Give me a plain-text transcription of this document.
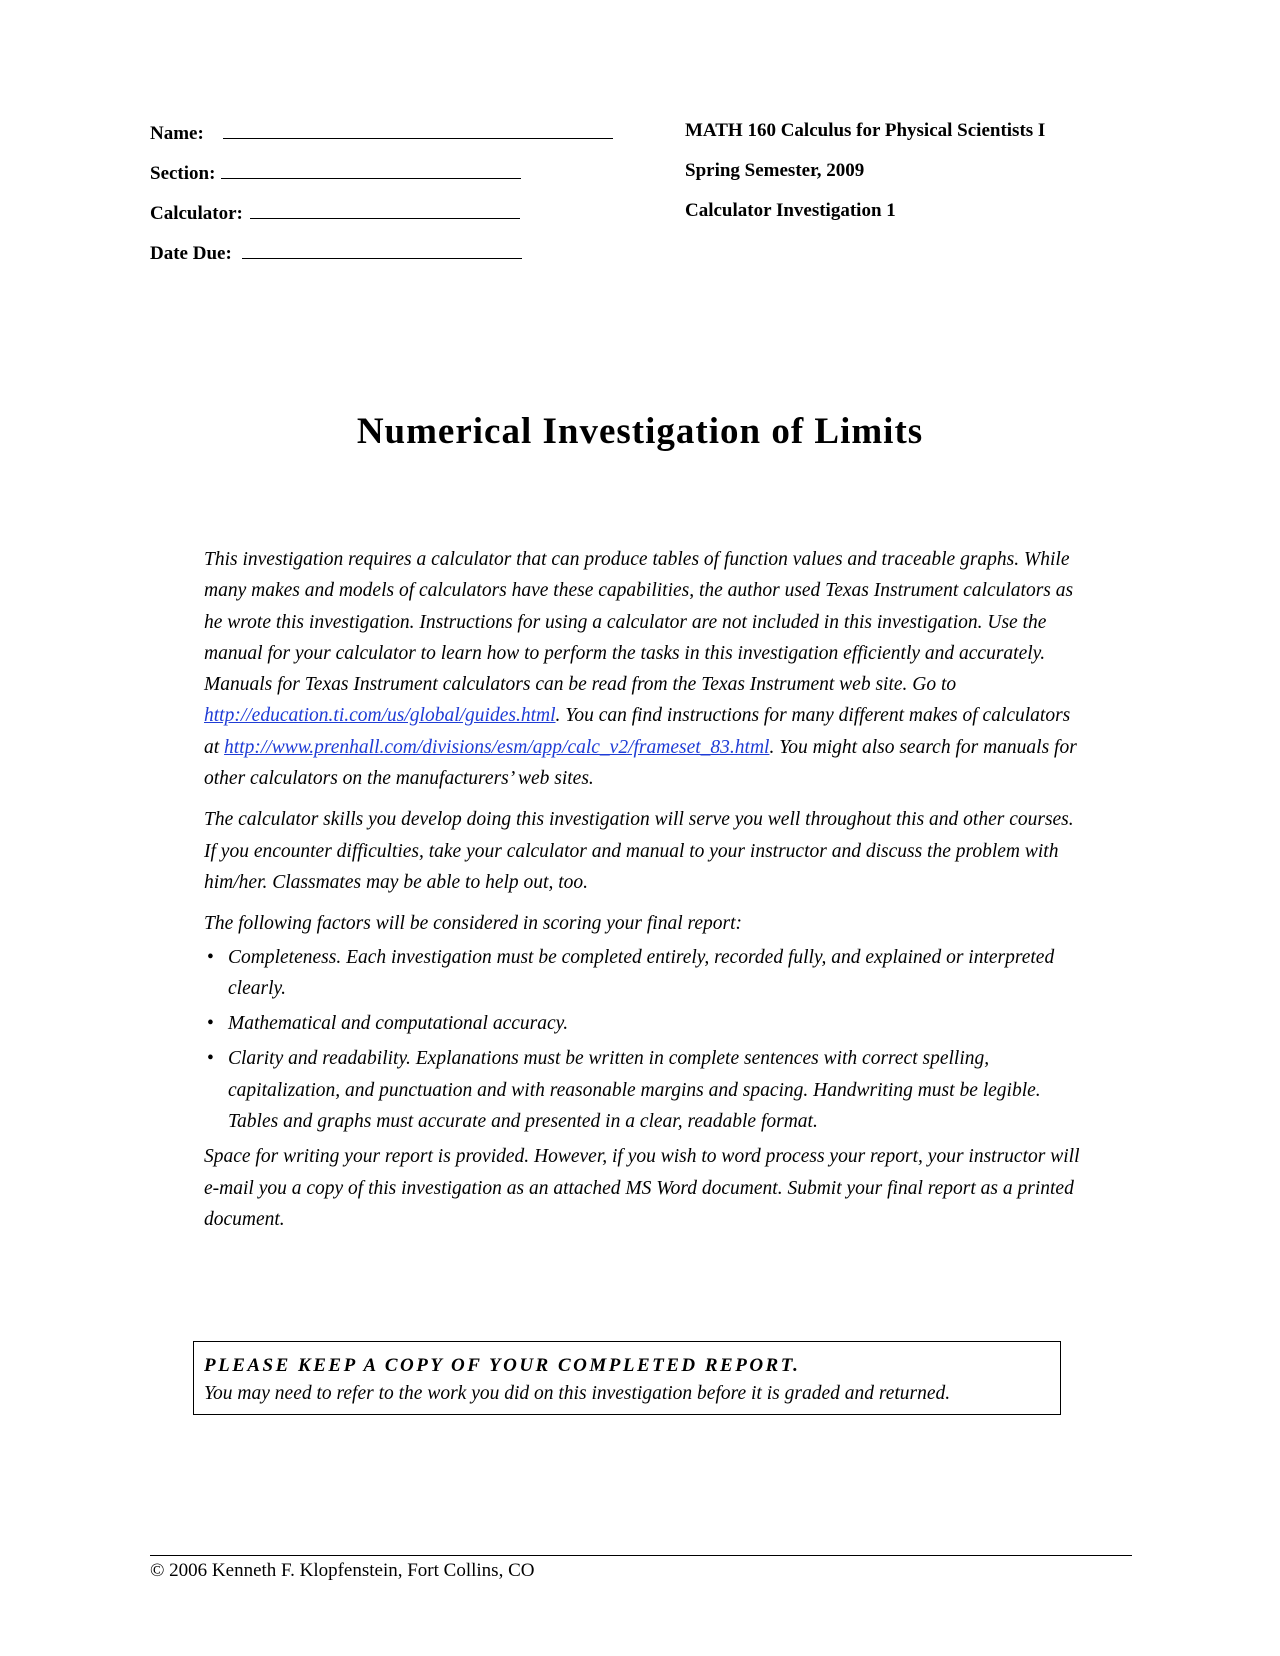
Name:
Section:
Calculator:
Date Due:
MATH 160 Calculus for Physical Scientists I
Spring Semester, 2009
Calculator Investigation 1
Numerical Investigation of Limits

This investigation requires a calculator that can produce tables of function values and traceable graphs. While many makes and models of calculators have these capabilities, the author used Texas Instrument calculators as he wrote this investigation. Instructions for using a calculator are not included in this investigation. Use the manual for your calculator to learn how to perform the tasks in this investigation efficiently and accurately. Manuals for Texas Instrument calculators can be read from the Texas Instrument web site. Go to http://education.ti.com/us/global/guides.html. You can find instructions for many different makes of calculators at http://www.prenhall.com/divisions/esm/app/calc_v2/frameset_83.html. You might also search for manuals for other calculators on the manufacturers’ web sites.

The calculator skills you develop doing this investigation will serve you well throughout this and other courses. If you encounter difficulties, take your calculator and manual to your instructor and discuss the problem with him/her. Classmates may be able to help out, too.

The following factors will be considered in scoring your final report:

• Completeness. Each investigation must be completed entirely, recorded fully, and explained or interpreted clearly.
• Mathematical and computational accuracy.
• Clarity and readability. Explanations must be written in complete sentences with correct spelling, capitalization, and punctuation and with reasonable margins and spacing. Handwriting must be legible. Tables and graphs must accurate and presented in a clear, readable format.

Space for writing your report is provided. However, if you wish to word process your report, your instructor will e-mail you a copy of this investigation as an attached MS Word document. Submit your final report as a printed document.

PLEASE KEEP A COPY OF YOUR COMPLETED REPORT.
You may need to refer to the work you did on this investigation before it is graded and returned.
© 2006 Kenneth F. Klopfenstein, Fort Collins, CO
